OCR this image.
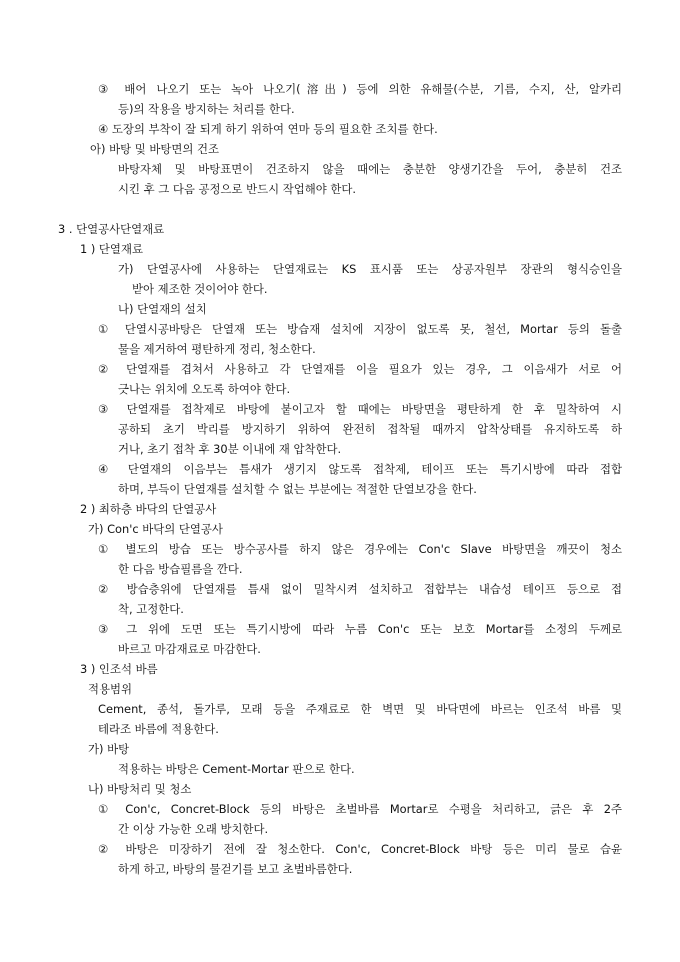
③ 배어 나오기 또는 녹아 나오기(溶出) 등에 의한 유해물(수분, 기름, 수지, 산, 알카리
등)의 작용을 방지하는 처리를 한다.
④ 도장의 부착이 잘 되게 하기 위하여 연마 등의 필요한 조치를 한다.
아) 바탕 및 바탕면의 건조
바탕자체 및 바탕표면이 건조하지 않을 때에는 충분한 양생기간을 두어, 충분히 건조
시킨 후 그 다음 공정으로 반드시 작업해야 한다.
3 . 단열공사단열재료
1 ) 단열재료
가) 단열공사에 사용하는 단열재료는 KS 표시품 또는 상공자원부 장관의 형식승인을
받아 제조한 것이어야 한다.
나) 단열재의 설치
① 단열시공바탕은 단열재 또는 방습재 설치에 지장이 없도록 못, 철선, Mortar 등의 돌출
물을 제거하여 평탄하게 정리, 청소한다.
② 단열재를 겹쳐서 사용하고 각 단열재를 이을 필요가 있는 경우, 그 이음새가 서로 어
긋나는 위치에 오도록 하여야 한다.
③ 단열재를 접착제로 바탕에 붙이고자 할 때에는 바탕면을 평탄하게 한 후 밀착하여 시
공하되 초기 박리를 방지하기 위하여 완전히 접착될 때까지 압착상태를 유지하도록 하
거나, 초기 접착 후 30분 이내에 재 압착한다.
④ 단열재의 이음부는 틈새가 생기지 않도록 접착제, 테이프 또는 특기시방에 따라 접합
하며, 부득이 단열재를 설치할 수 없는 부분에는 적절한 단열보강을 한다.
2 ) 최하층 바닥의 단열공사
가) Con'c 바닥의 단열공사
① 별도의 방습 또는 방수공사를 하지 않은 경우에는 Con'c Slave 바탕면을 깨끗이 청소
한 다음 방습필름을 깐다.
② 방습층위에 단열재를 틈새 없이 밀착시켜 설치하고 접합부는 내습성 테이프 등으로 접
착, 고정한다.
③ 그 위에 도면 또는 특기시방에 따라 누름 Con'c 또는 보호 Mortar를 소정의 두께로
바르고 마감재료로 마감한다.
3 ) 인조석 바름
적용범위
Cement, 종석, 돌가루, 모래 등을 주재료로 한 벽면 및 바닥면에 바르는 인조석 바름 및
테라조 바름에 적용한다.
가) 바탕
적용하는 바탕은 Cement-Mortar 판으로 한다.
나) 바탕처리 및 청소
① Con'c, Concret-Block 등의 바탕은 초벌바름 Mortar로 수평을 처리하고, 긁은 후 2주
간 이상 가능한 오래 방치한다.
② 바탕은 미장하기 전에 잘 청소한다. Con'c, Concret-Block 바탕 등은 미리 물로 습윤
하게 하고, 바탕의 물걷기를 보고 초벌바름한다.
